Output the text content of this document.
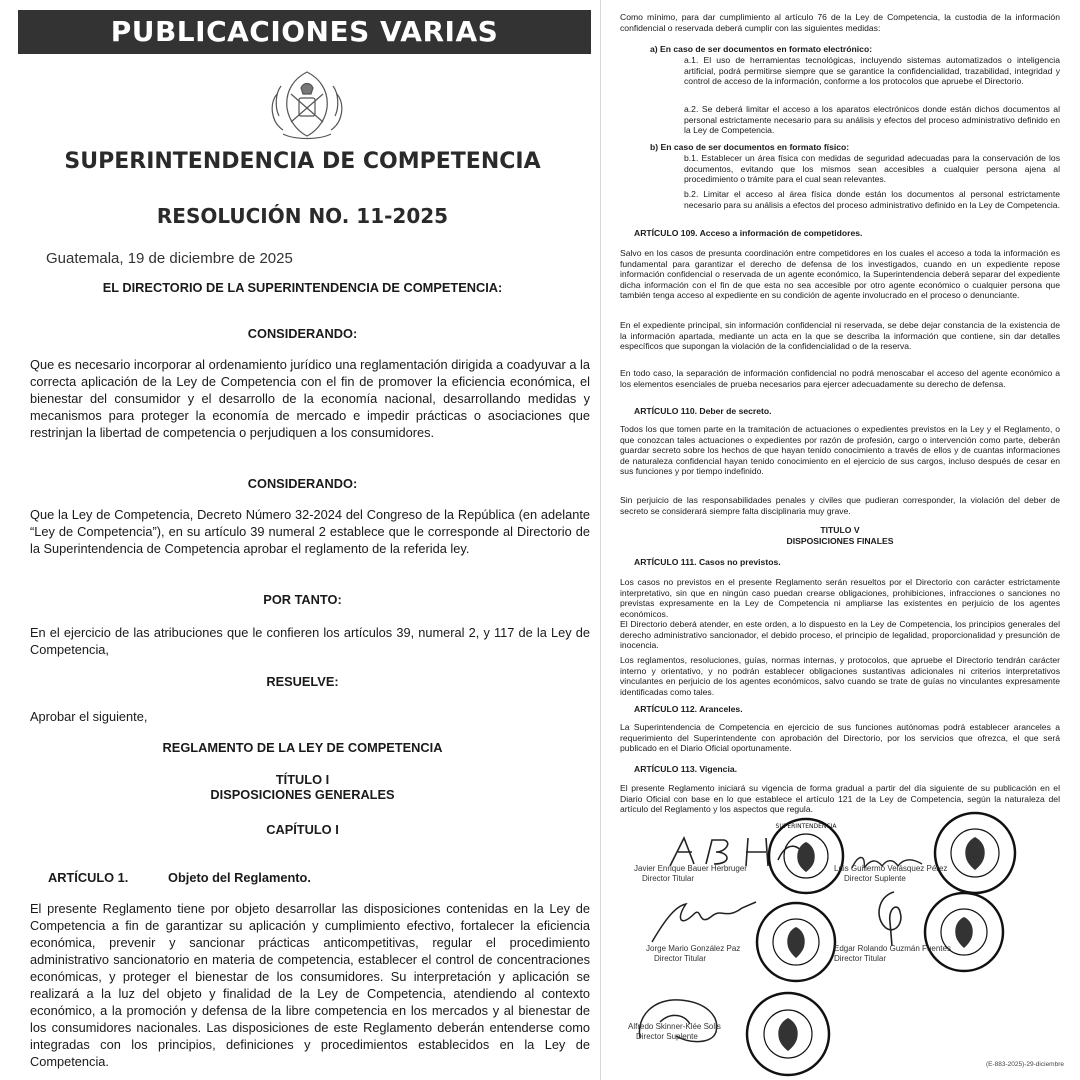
PUBLICACIONES VARIAS
SUPERINTENDENCIA DE COMPETENCIA
RESOLUCIÓN NO. 11-2025
Guatemala, 19 de diciembre de 2025
EL DIRECTORIO DE LA SUPERINTENDENCIA DE COMPETENCIA:
CONSIDERANDO:
Que es necesario incorporar al ordenamiento jurídico una reglamentación dirigida a coadyuvar a la correcta aplicación de la Ley de Competencia con el fin de promover la eficiencia económica, el bienestar del consumidor y el desarrollo de la economía nacional, desarrollando medidas y mecanismos para proteger la economía de mercado e impedir prácticas o asociaciones que restrinjan la libertad de competencia o perjudiquen a los consumidores.
CONSIDERANDO:
Que la Ley de Competencia, Decreto Número 32-2024 del Congreso de la República (en adelante “Ley de Competencia”), en su artículo 39 numeral 2 establece que le corresponde al Directorio de la Superintendencia de Competencia aprobar el reglamento de la referida ley.
POR TANTO:
En el ejercicio de las atribuciones que le confieren los artículos 39, numeral 2, y 117 de la Ley de Competencia,
RESUELVE:
Aprobar el siguiente,
REGLAMENTO DE LA LEY DE COMPETENCIA
TÍTULO I
DISPOSICIONES GENERALES
CAPÍTULO I
ARTÍCULO 1.	Objeto del Reglamento.
El presente Reglamento tiene por objeto desarrollar las disposiciones contenidas en la Ley de Competencia a fin de garantizar su aplicación y cumplimiento efectivo, fortalecer la eficiencia económica, prevenir y sancionar prácticas anticompetitivas, regular el procedimiento administrativo sancionatorio en materia de competencia, establecer el control de concentraciones económicas, y proteger el bienestar de los consumidores. Su interpretación y aplicación se realizará a la luz del objeto y finalidad de la Ley de Competencia, atendiendo al contexto económico, a la promoción y defensa de la libre competencia en los mercados y al bienestar de los consumidores nacionales. Las disposiciones de este Reglamento deberán entenderse como integradas con los principios, definiciones y procedimientos establecidos en la Ley de Competencia.
Como mínimo, para dar cumplimiento al artículo 76 de la Ley de Competencia, la custodia de la información confidencial o reservada deberá cumplir con las siguientes medidas:
a) En caso de ser documentos en formato electrónico:
a.1. El uso de herramientas tecnológicas, incluyendo sistemas automatizados o inteligencia artificial, podrá permitirse siempre que se garantice la confidencialidad, trazabilidad, integridad y control de acceso de la información, conforme a los protocolos que apruebe el Directorio.
a.2. Se deberá limitar el acceso a los aparatos electrónicos donde están dichos documentos al personal estrictamente necesario para su análisis y efectos del proceso administrativo definido en la Ley de Competencia.
b) En caso de ser documentos en formato físico:
b.1. Establecer un área física con medidas de seguridad adecuadas para la conservación de los documentos, evitando que los mismos sean accesibles a cualquier persona ajena al procedimiento o trámite para el cual sean relevantes.
b.2. Limitar el acceso al área física donde están los documentos al personal estrictamente necesario para su análisis a efectos del proceso administrativo definido en la Ley de Competencia.
ARTÍCULO 109. Acceso a información de competidores.
Salvo en los casos de presunta coordinación entre competidores en los cuales el acceso a toda la información es fundamental para garantizar el derecho de defensa de los investigados, cuando en un expediente repose información confidencial o reservada de un agente económico, la Superintendencia deberá separar del expediente dicha información con el fin de que esta no sea accesible por otro agente económico o cualquier persona que también tenga acceso al expediente en su condición de agente involucrado en el proceso o denunciante.
En el expediente principal, sin información confidencial ni reservada, se debe dejar constancia de la existencia de la información apartada, mediante un acta en la que se describa la información que contiene, sin dar detalles específicos que supongan la violación de la confidencialidad o de la reserva.
En todo caso, la separación de información confidencial no podrá menoscabar el acceso del agente económico a los elementos esenciales de prueba necesarios para ejercer adecuadamente su derecho de defensa.
ARTÍCULO 110. Deber de secreto.
Todos los que tomen parte en la tramitación de actuaciones o expedientes previstos en la Ley y el Reglamento, o que conozcan tales actuaciones o expedientes por razón de profesión, cargo o intervención como parte, deberán guardar secreto sobre los hechos de que hayan tenido conocimiento a través de ellos y de cuantas informaciones de naturaleza confidencial hayan tenido conocimiento en el ejercicio de sus cargos, incluso después de cesar en sus funciones y por tiempo indefinido.
Sin perjuicio de las responsabilidades penales y civiles que pudieran corresponder, la violación del deber de secreto se considerará siempre falta disciplinaria muy grave.
TITULO V
DISPOSICIONES FINALES
ARTÍCULO 111. Casos no previstos.
Los casos no previstos en el presente Reglamento serán resueltos por el Directorio con carácter estrictamente interpretativo, sin que en ningún caso puedan crearse obligaciones, prohibiciones, infracciones o sanciones no previstas expresamente en la Ley de Competencia ni ampliarse las existentes en perjuicio de los agentes económicos.
El Directorio deberá atender, en este orden, a lo dispuesto en la Ley de Competencia, los principios generales del derecho administrativo sancionador, el debido proceso, el principio de legalidad, proporcionalidad y presunción de inocencia.
Los reglamentos, resoluciones, guías, normas internas, y protocolos, que apruebe el Directorio tendrán carácter interno y orientativo, y no podrán establecer obligaciones sustantivas adicionales ni criterios interpretativos vinculantes en perjuicio de los agentes económicos, salvo cuando se trate de guías no vinculantes expresamente identificadas como tales.
ARTÍCULO 112. Aranceles.
La Superintendencia de Competencia en ejercicio de sus funciones autónomas podrá establecer aranceles a requerimiento del Superintendente con aprobación del Directorio, por los servicios que ofrezca, el que será publicado en el Diario Oficial oportunamente.
ARTÍCULO 113. Vigencia.
El presente Reglamento iniciará su vigencia de forma gradual a partir del día siguiente de su publicación en el Diario Oficial con base en lo que establece el artículo 121 de la Ley de Competencia, según la naturaleza del artículo del Reglamento y los aspectos que regula.
SUPERINTENDENCIA
Javier Enrique Bauer Herbruger
Director Titular
Luis Guillermo Velásquez Pérez
Director Suplente
Jorge Mario González Paz
Director Titular
Edgar Rolando Guzmán Fuentes
Director Titular
Alfredo Skinner-Klée Solis
Director Suplente
(E-883-2025)-29-diciembre
